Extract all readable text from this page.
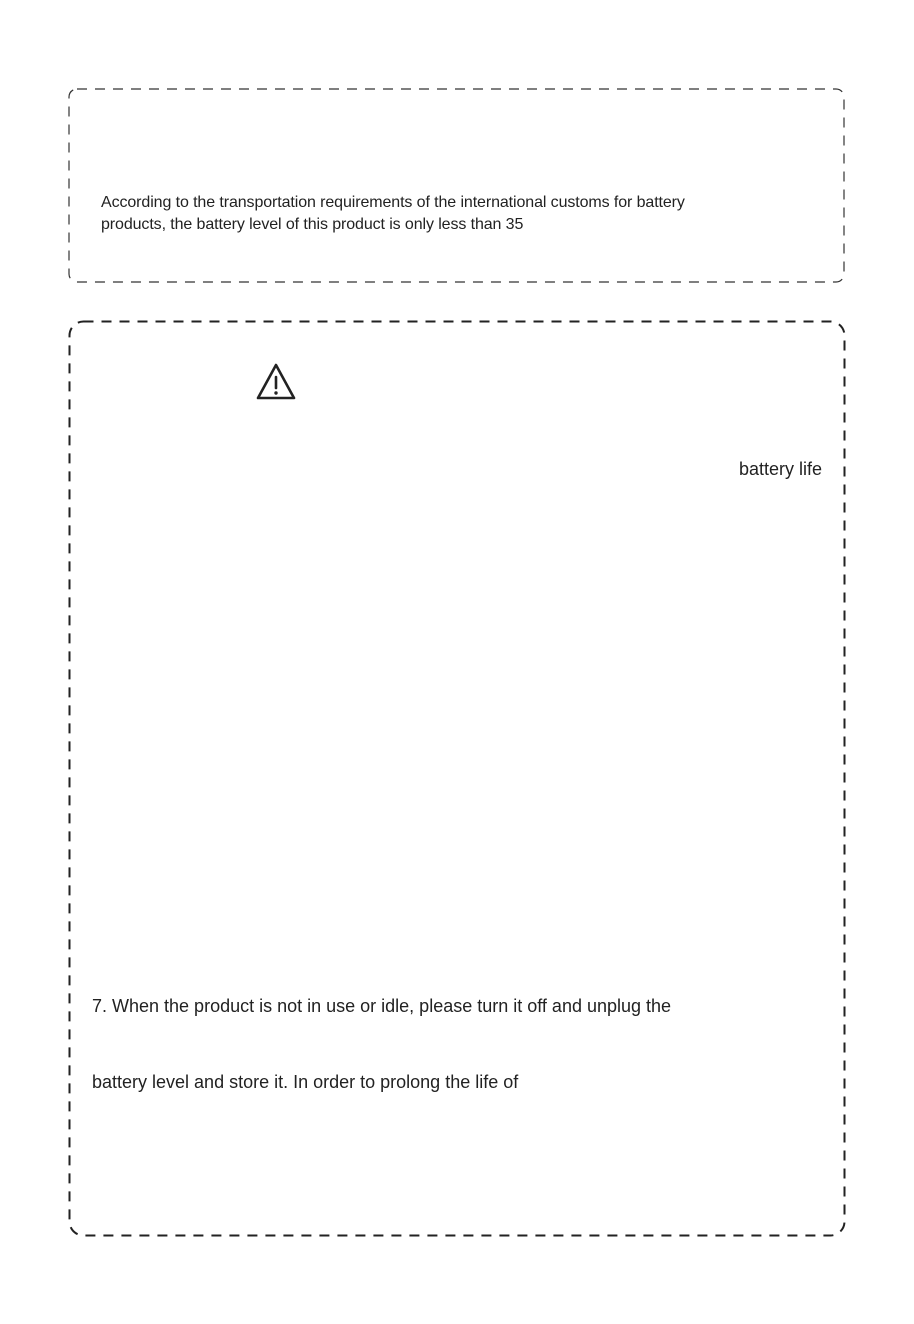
According to the transportation requirements of the international customs for battery
products, the battery level of this product is only less than 35
battery life
7. When the product is not in use or idle, please turn it off and unplug the
battery level and store it. In order to prolong the life of
